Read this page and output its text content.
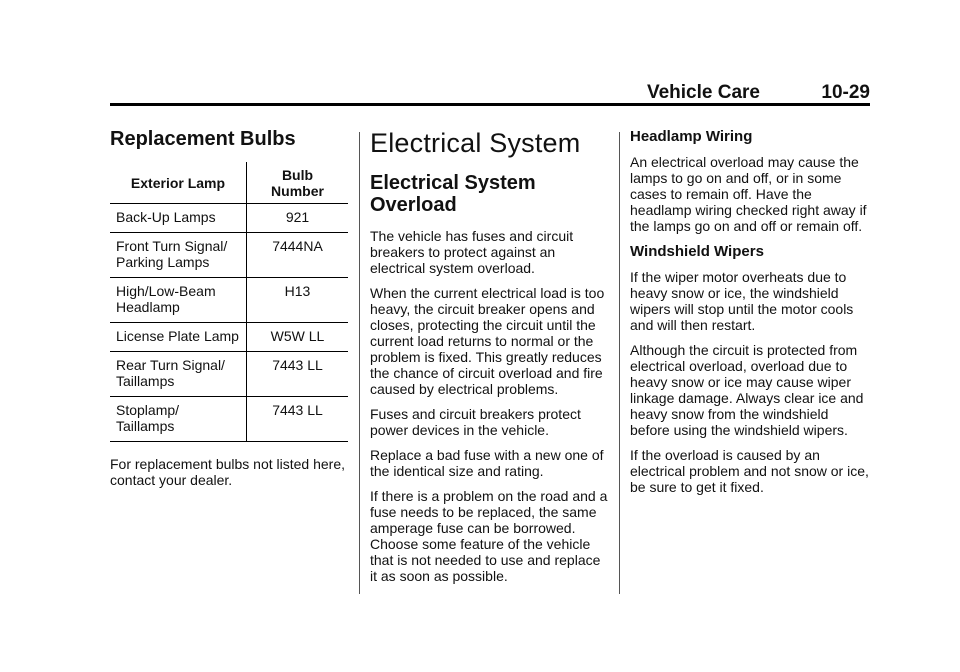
Vehicle Care	10-29
Replacement Bulbs
Exterior Lamp	Bulb Number
Back-Up Lamps	921
Front Turn Signal/ Parking Lamps	7444NA
High/Low-Beam Headlamp	H13
License Plate Lamp	W5W LL
Rear Turn Signal/ Taillamps	7443 LL
Stoplamp/ Taillamps	7443 LL

For replacement bulbs not listed here, contact your dealer.

Electrical System
Electrical System Overload

The vehicle has fuses and circuit breakers to protect against an electrical system overload.

When the current electrical load is too heavy, the circuit breaker opens and closes, protecting the circuit until the current load returns to normal or the problem is fixed. This greatly reduces the chance of circuit overload and fire caused by electrical problems.

Fuses and circuit breakers protect power devices in the vehicle.

Replace a bad fuse with a new one of the identical size and rating.

If there is a problem on the road and a fuse needs to be replaced, the same amperage fuse can be borrowed. Choose some feature of the vehicle that is not needed to use and replace it as soon as possible.

Headlamp Wiring

An electrical overload may cause the lamps to go on and off, or in some cases to remain off. Have the headlamp wiring checked right away if the lamps go on and off or remain off.

Windshield Wipers

If the wiper motor overheats due to heavy snow or ice, the windshield wipers will stop until the motor cools and will then restart.

Although the circuit is protected from electrical overload, overload due to heavy snow or ice may cause wiper linkage damage. Always clear ice and heavy snow from the windshield before using the windshield wipers.

If the overload is caused by an electrical problem and not snow or ice, be sure to get it fixed.
